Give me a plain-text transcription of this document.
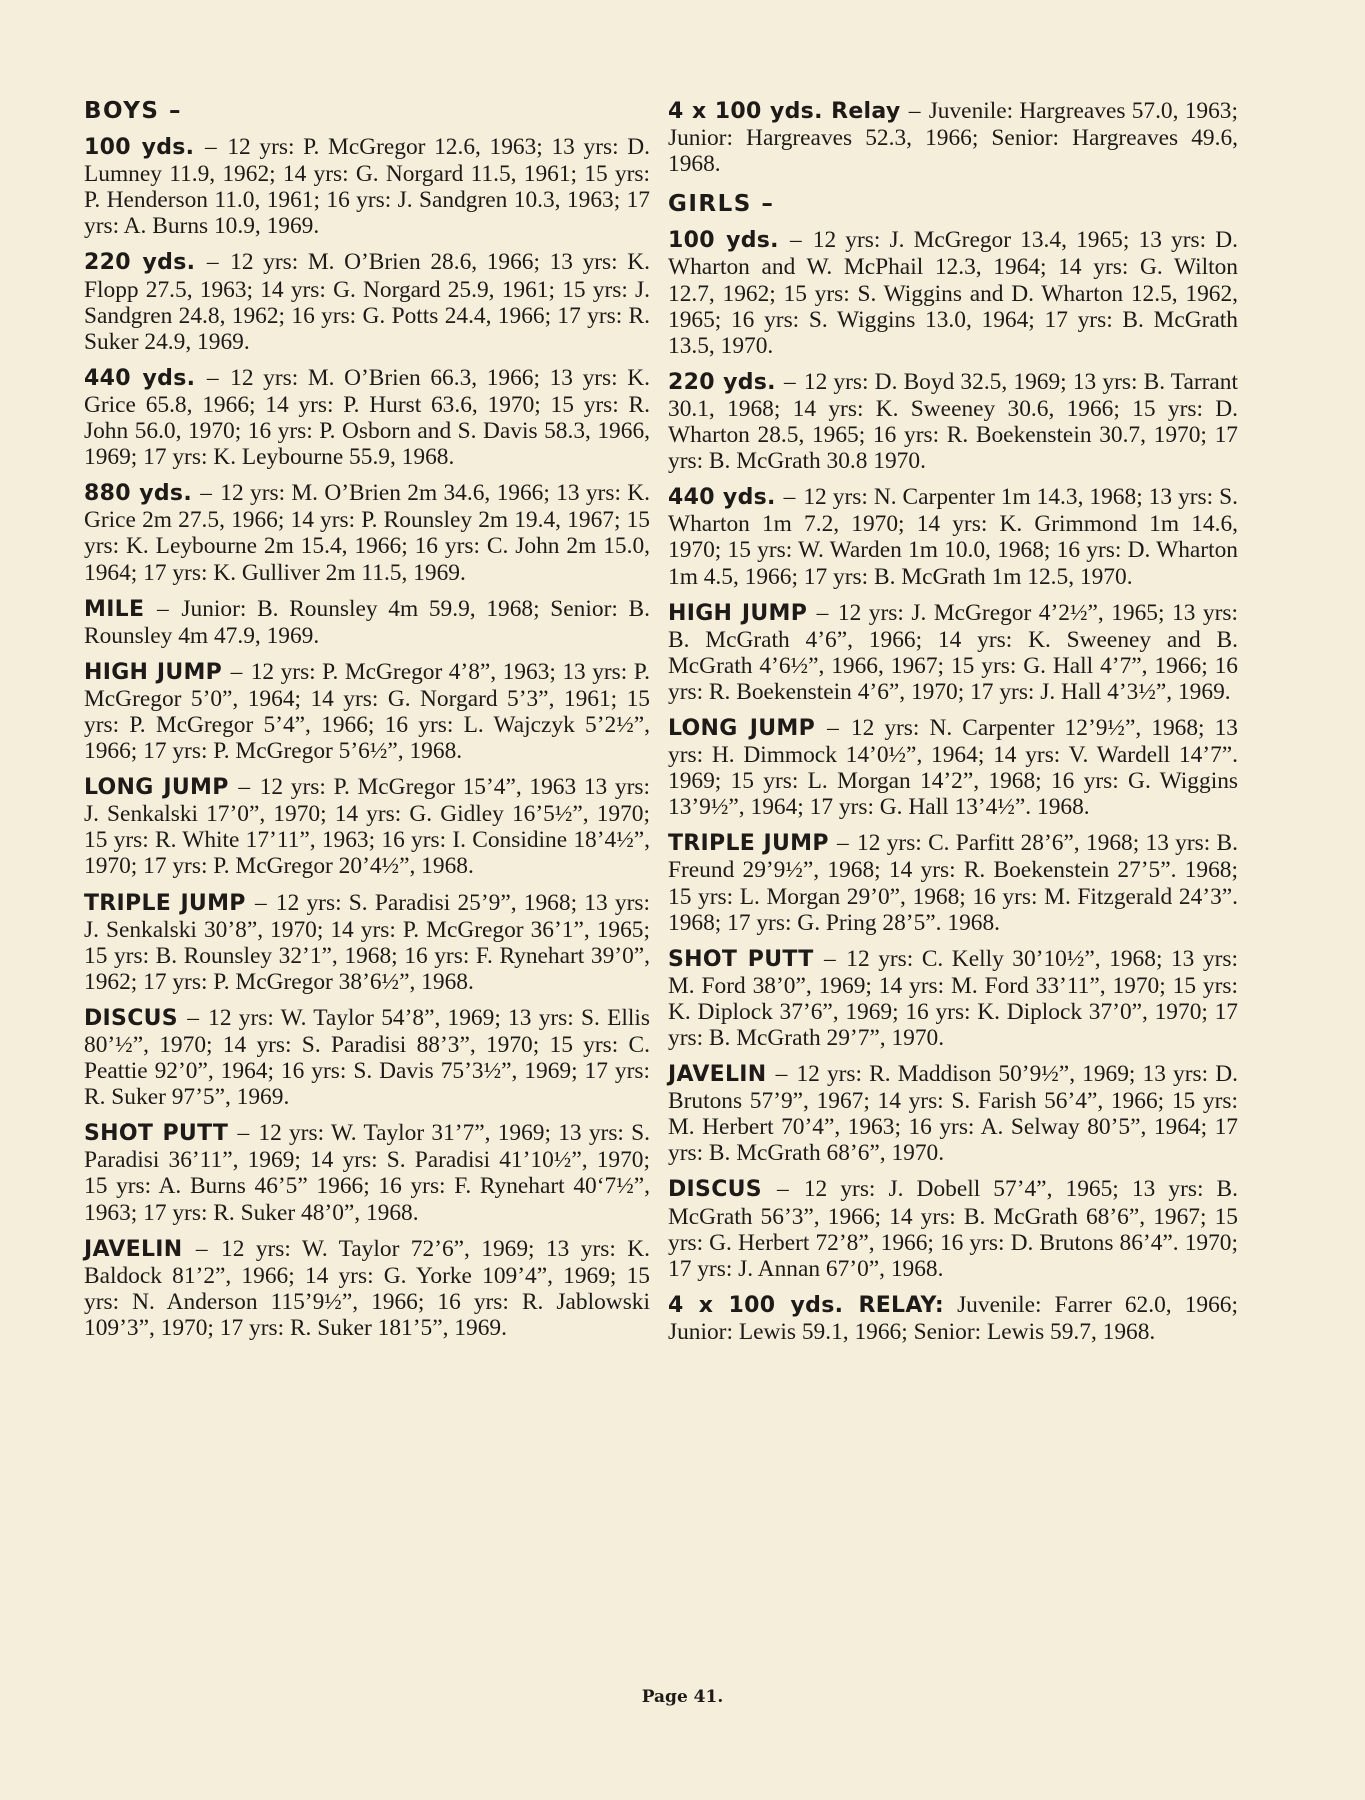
BOYS –

100 yds. – 12 yrs: P. McGregor 12.6, 1963; 13 yrs: D. Lumney 11.9, 1962; 14 yrs: G. Norgard 11.5, 1961; 15 yrs: P. Henderson 11.0, 1961; 16 yrs: J. Sandgren 10.3, 1963; 17 yrs: A. Burns 10.9, 1969.

220 yds. – 12 yrs: M. O’Brien 28.6, 1966; 13 yrs: K. Flopp 27.5, 1963; 14 yrs: G. Norgard 25.9, 1961; 15 yrs: J. Sandgren 24.8, 1962; 16 yrs: G. Potts 24.4, 1966; 17 yrs: R. Suker 24.9, 1969.

440 yds. – 12 yrs: M. O’Brien 66.3, 1966; 13 yrs: K. Grice 65.8, 1966; 14 yrs: P. Hurst 63.6, 1970; 15 yrs: R. John 56.0, 1970; 16 yrs: P. Osborn and S. Davis 58.3, 1966, 1969; 17 yrs: K. Leybourne 55.9, 1968.

880 yds. – 12 yrs: M. O’Brien 2m 34.6, 1966; 13 yrs: K. Grice 2m 27.5, 1966; 14 yrs: P. Rounsley 2m 19.4, 1967; 15 yrs: K. Leybourne 2m 15.4, 1966; 16 yrs: C. John 2m 15.0, 1964; 17 yrs: K. Gulliver 2m 11.5, 1969.

MILE – Junior: B. Rounsley 4m 59.9, 1968; Senior: B. Rounsley 4m 47.9, 1969.

HIGH JUMP – 12 yrs: P. McGregor 4’8”, 1963; 13 yrs: P. McGregor 5’0”, 1964; 14 yrs: G. Norgard 5’3”, 1961; 15 yrs: P. McGregor 5’4”, 1966; 16 yrs: L. Wajczyk 5’2½”, 1966; 17 yrs: P. McGregor 5’6½”, 1968.

LONG JUMP – 12 yrs: P. McGregor 15’4”, 1963 13 yrs: J. Senkalski 17’0”, 1970; 14 yrs: G. Gidley 16’5½”, 1970; 15 yrs: R. White 17’11”, 1963; 16 yrs: I. Considine 18’4½”, 1970; 17 yrs: P. McGregor 20’4½”, 1968.

TRIPLE JUMP – 12 yrs: S. Paradisi 25’9”, 1968; 13 yrs: J. Senkalski 30’8”, 1970; 14 yrs: P. McGregor 36’1”, 1965; 15 yrs: B. Rounsley 32’1”, 1968; 16 yrs: F. Rynehart 39’0”, 1962; 17 yrs: P. McGregor 38’6½”, 1968.

DISCUS – 12 yrs: W. Taylor 54’8”, 1969; 13 yrs: S. Ellis 80’½”, 1970; 14 yrs: S. Paradisi 88’3”, 1970; 15 yrs: C. Peattie 92’0”, 1964; 16 yrs: S. Davis 75’3½”, 1969; 17 yrs: R. Suker 97’5”, 1969.

SHOT PUTT – 12 yrs: W. Taylor 31’7”, 1969; 13 yrs: S. Paradisi 36’11”, 1969; 14 yrs: S. Paradisi 41’10½”, 1970; 15 yrs: A. Burns 46’5” 1966; 16 yrs: F. Rynehart 40‘7½”, 1963; 17 yrs: R. Suker 48’0”, 1968.

JAVELIN – 12 yrs: W. Taylor 72’6”, 1969; 13 yrs: K. Baldock 81’2”, 1966; 14 yrs: G. Yorke 109’4”, 1969; 15 yrs: N. Anderson 115’9½”, 1966; 16 yrs: R. Jablowski 109’3”, 1970; 17 yrs: R. Suker 181’5”, 1969.

4 x 100 yds. Relay – Juvenile: Hargreaves 57.0, 1963; Junior: Hargreaves 52.3, 1966; Senior: Hargreaves 49.6, 1968.

GIRLS –

100 yds. – 12 yrs: J. McGregor 13.4, 1965; 13 yrs: D. Wharton and W. McPhail 12.3, 1964; 14 yrs: G. Wilton 12.7, 1962; 15 yrs: S. Wiggins and D. Wharton 12.5, 1962, 1965; 16 yrs: S. Wiggins 13.0, 1964; 17 yrs: B. McGrath 13.5, 1970.

220 yds. – 12 yrs: D. Boyd 32.5, 1969; 13 yrs: B. Tarrant 30.1, 1968; 14 yrs: K. Sweeney 30.6, 1966; 15 yrs: D. Wharton 28.5, 1965; 16 yrs: R. Boekenstein 30.7, 1970; 17 yrs: B. McGrath 30.8 1970.

440 yds. – 12 yrs: N. Carpenter 1m 14.3, 1968; 13 yrs: S. Wharton 1m 7.2, 1970; 14 yrs: K. Grimmond 1m 14.6, 1970; 15 yrs: W. Warden 1m 10.0, 1968; 16 yrs: D. Wharton 1m 4.5, 1966; 17 yrs: B. McGrath 1m 12.5, 1970.

HIGH JUMP – 12 yrs: J. McGregor 4’2½”, 1965; 13 yrs: B. McGrath 4’6”, 1966; 14 yrs: K. Sweeney and B. McGrath 4’6½”, 1966, 1967; 15 yrs: G. Hall 4’7”, 1966; 16 yrs: R. Boekenstein 4’6”, 1970; 17 yrs: J. Hall 4’3½”, 1969.

LONG JUMP – 12 yrs: N. Carpenter 12’9½”, 1968; 13 yrs: H. Dimmock 14’0½”, 1964; 14 yrs: V. Wardell 14’7”. 1969; 15 yrs: L. Morgan 14’2”, 1968; 16 yrs: G. Wiggins 13’9½”, 1964; 17 yrs: G. Hall 13’4½”. 1968.

TRIPLE JUMP – 12 yrs: C. Parfitt 28’6”, 1968; 13 yrs: B. Freund 29’9½”, 1968; 14 yrs: R. Boekenstein 27’5”. 1968; 15 yrs: L. Morgan 29’0”, 1968; 16 yrs: M. Fitzgerald 24’3”. 1968; 17 yrs: G. Pring 28’5”. 1968.

SHOT PUTT – 12 yrs: C. Kelly 30’10½”, 1968; 13 yrs: M. Ford 38’0”, 1969; 14 yrs: M. Ford 33’11”, 1970; 15 yrs: K. Diplock 37’6”, 1969; 16 yrs: K. Diplock 37’0”, 1970; 17 yrs: B. McGrath 29’7”, 1970.

JAVELIN – 12 yrs: R. Maddison 50’9½”, 1969; 13 yrs: D. Brutons 57’9”, 1967; 14 yrs: S. Farish 56’4”, 1966; 15 yrs: M. Herbert 70’4”, 1963; 16 yrs: A. Selway 80’5”, 1964; 17 yrs: B. McGrath 68’6”, 1970.

DISCUS – 12 yrs: J. Dobell 57’4”, 1965; 13 yrs: B. McGrath 56’3”, 1966; 14 yrs: B. McGrath 68’6”, 1967; 15 yrs: G. Herbert 72’8”, 1966; 16 yrs: D. Brutons 86’4”. 1970; 17 yrs: J. Annan 67’0”, 1968.

4 x 100 yds. RELAY: Juvenile: Farrer 62.0, 1966; Junior: Lewis 59.1, 1966; Senior: Lewis 59.7, 1968.

Page 41.
